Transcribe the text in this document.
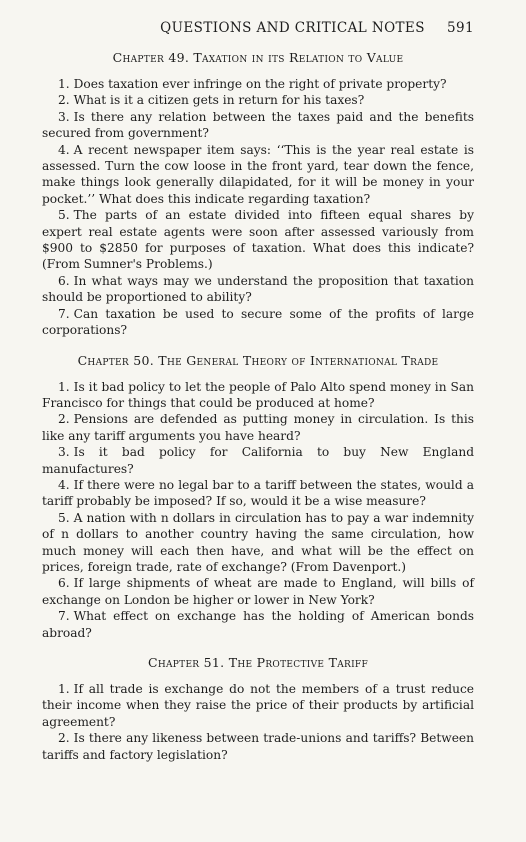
QUESTIONS AND CRITICAL NOTES	591
Chapter 49. Taxation in its Relation to Value
1. Does taxation ever infringe on the right of private property?
2. What is it a citizen gets in return for his taxes?
3. Is there any relation between the taxes paid and the benefits secured from government?
4. A recent newspaper item says: ‘‘This is the year real estate is assessed. Turn the cow loose in the front yard, tear down the fence, make things look generally dilapidated, for it will be money in your pocket.’’ What does this indicate regarding taxation?
5. The parts of an estate divided into fifteen equal shares by expert real estate agents were soon after assessed variously from $900 to $2850 for purposes of taxation. What does this indicate? (From Sumner's Problems.)
6. In what ways may we understand the proposition that taxation should be proportioned to ability?
7. Can taxation be used to secure some of the profits of large corporations?
Chapter 50. The General Theory of International Trade
1. Is it bad policy to let the people of Palo Alto spend money in San Francisco for things that could be produced at home?
2. Pensions are defended as putting money in circulation. Is this like any tariff arguments you have heard?
3. Is it bad policy for California to buy New England manufactures?
4. If there were no legal bar to a tariff between the states, would a tariff probably be imposed? If so, would it be a wise measure?
5. A nation with n dollars in circulation has to pay a war indemnity of n dollars to another country having the same circulation, how much money will each then have, and what will be the effect on prices, foreign trade, rate of exchange? (From Davenport.)
6. If large shipments of wheat are made to England, will bills of exchange on London be higher or lower in New York?
7. What effect on exchange has the holding of American bonds abroad?
Chapter 51. The Protective Tariff
1. If all trade is exchange do not the members of a trust reduce their income when they raise the price of their products by artificial agreement?
2. Is there any likeness between trade-unions and tariffs? Between tariffs and factory legislation?
